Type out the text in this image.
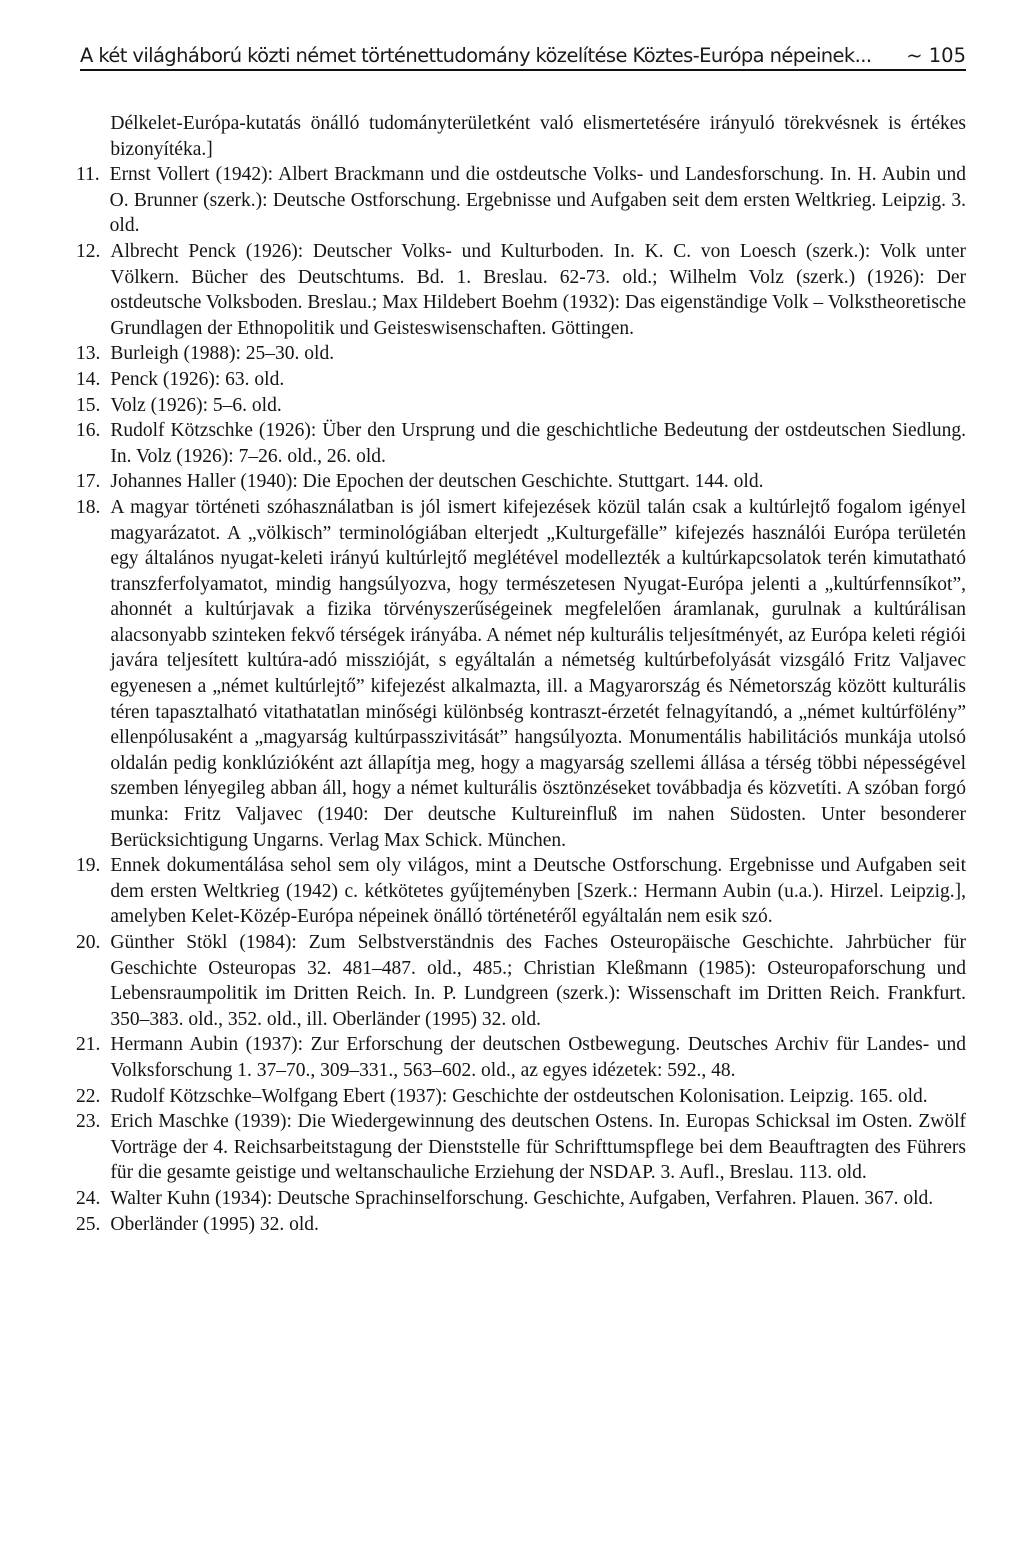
A két világháború közti német történettudomány közelítése Köztes-Európa népeinek...	~ 105
Délkelet-Európa-kutatás önálló tudományterületként való elismertetésére irányuló törekvésnek is értékes bizonyítéka.]
11. Ernst Vollert (1942): Albert Brackmann und die ostdeutsche Volks- und Landesforschung. In. H. Aubin und O. Brunner (szerk.): Deutsche Ostforschung. Ergebnisse und Aufgaben seit dem ersten Weltkrieg. Leipzig. 3. old.
12. Albrecht Penck (1926): Deutscher Volks- und Kulturboden. In. K. C. von Loesch (szerk.): Volk unter Völkern. Bücher des Deutschtums. Bd. 1. Breslau. 62-73. old.; Wilhelm Volz (szerk.) (1926): Der ostdeutsche Volksboden. Breslau.; Max Hildebert Boehm (1932): Das eigenständige Volk – Volkstheoretische Grundlagen der Ethnopolitik und Geisteswisenschaften. Göttingen.
13. Burleigh (1988): 25–30. old.
14. Penck (1926): 63. old.
15. Volz (1926): 5–6. old.
16. Rudolf Kötzschke (1926): Über den Ursprung und die geschichtliche Bedeutung der ostdeutschen Siedlung. In. Volz (1926): 7–26. old., 26. old.
17. Johannes Haller (1940): Die Epochen der deutschen Geschichte. Stuttgart. 144. old.
18. A magyar történeti szóhasználatban is jól ismert kifejezések közül talán csak a kultúrlejtő fogalom igényel magyarázatot. A „völkisch” terminológiában elterjedt „Kulturgefälle” kifejezés használói Európa területén egy általános nyugat-keleti irányú kultúrlejtő meglétével modellezték a kultúrkapcsolatok terén kimutatható transzferfolyamatot, mindig hangsúlyozva, hogy természetesen Nyugat-Európa jelenti a „kultúrfennsíkot”, ahonnét a kultúrjavak a fizika törvényszerűségeinek megfelelően áramlanak, gurulnak a kultúrálisan alacsonyabb szinteken fekvő térségek irányába. A német nép kulturális teljesítményét, az Európa keleti régiói javára teljesített kultúra-adó misszióját, s egyáltalán a németség kultúrbefolyását vizsgáló Fritz Valjavec egyenesen a „német kultúrlejtő” kifejezést alkalmazta, ill. a Magyarország és Németország között kulturális téren tapasztalható vitathatatlan minőségi különbség kontraszt-érzetét felnagyítandó, a „német kultúrfölény” ellenpólusaként a „magyarság kultúrpasszivitását” hangsúlyozta. Monumentális habilitációs munkája utolsó oldalán pedig konklúzióként azt állapítja meg, hogy a magyarság szellemi állása a térség többi népességével szemben lényegileg abban áll, hogy a német kulturális ösztönzéseket továbbadja és közvetíti. A szóban forgó munka: Fritz Valjavec (1940: Der deutsche Kultureinfluß im nahen Südosten. Unter besonderer Berücksichtigung Ungarns. Verlag Max Schick. München.
19. Ennek dokumentálása sehol sem oly világos, mint a Deutsche Ostforschung. Ergebnisse und Aufgaben seit dem ersten Weltkrieg (1942) c. kétkötetes gyűjteményben [Szerk.: Hermann Aubin (u.a.). Hirzel. Leipzig.], amelyben Kelet-Közép-Európa népeinek önálló történetéről egyáltalán nem esik szó.
20. Günther Stökl (1984): Zum Selbstverständnis des Faches Osteuropäische Geschichte. Jahrbücher für Geschichte Osteuropas 32. 481–487. old., 485.; Christian Kleßmann (1985): Osteuropaforschung und Lebensraumpolitik im Dritten Reich. In. P. Lundgreen (szerk.): Wissenschaft im Dritten Reich. Frankfurt. 350–383. old., 352. old., ill. Oberländer (1995) 32. old.
21. Hermann Aubin (1937): Zur Erforschung der deutschen Ostbewegung. Deutsches Archiv für Landes- und Volksforschung 1. 37–70., 309–331., 563–602. old., az egyes idézetek: 592., 48.
22. Rudolf Kötzschke–Wolfgang Ebert (1937): Geschichte der ostdeutschen Kolonisation. Leipzig. 165. old.
23. Erich Maschke (1939): Die Wiedergewinnung des deutschen Ostens. In. Europas Schicksal im Osten. Zwölf Vorträge der 4. Reichsarbeitstagung der Dienststelle für Schrifttumspflege bei dem Beauftragten des Führers für die gesamte geistige und weltanschauliche Erziehung der NSDAP. 3. Aufl., Breslau. 113. old.
24. Walter Kuhn (1934): Deutsche Sprachinselforschung. Geschichte, Aufgaben, Verfahren. Plauen. 367. old.
25. Oberländer (1995) 32. old.
